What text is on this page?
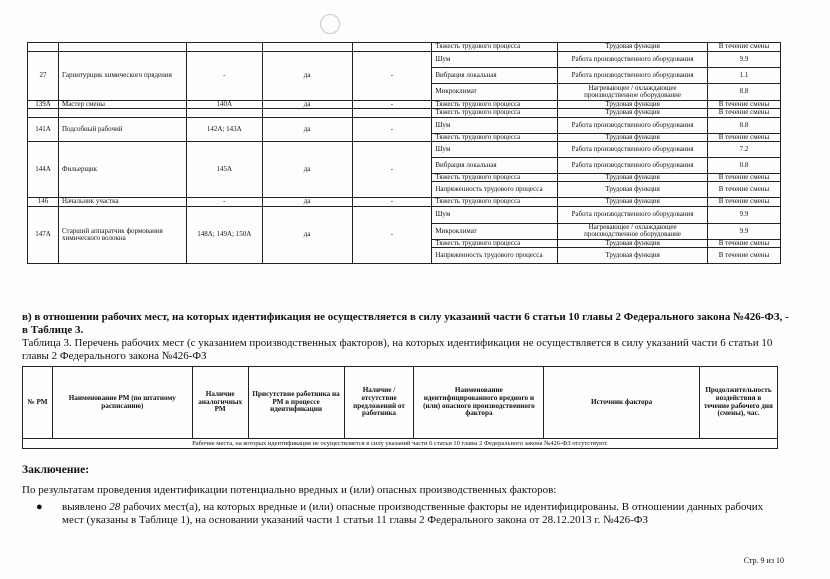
					Тяжесть трудового процесса	Трудовая функция	В течение смены
27	Гарнитурщик химического прядения	-	да	-	Шум	Работа производственного оборудования	9.9
					Вибрация локальная	Работа производственного оборудования	1.1
					Микроклимат	Нагревающее / охлаждающее производственное оборудование	8.8
139А	Мастер смены	140А	да	-	Тяжесть трудового процесса	Трудовая функция	В течение смены
					Тяжесть трудового процесса	Трудовая функция	В течение смены
141А	Подсобный рабочий	142А; 143А	да	-	Шум	Работа производственного оборудования	8.8
					Тяжесть трудового процесса	Трудовая функция	В течение смены
144А	Фильерщик	145А	да	-	Шум	Работа производственного оборудования	7.2
					Вибрация локальная	Работа производственного оборудования	0.8
					Тяжесть трудового процесса	Трудовая функция	В течение смены
					Напряженность трудового процесса	Трудовая функция	В течение смены
146	Начальник участка	-	да	-	Тяжесть трудового процесса	Трудовая функция	В течение смены
147А	Старший аппаратчик формования химического волокна	148А; 149А; 150А	да	-	Шум	Работа производственного оборудования	9.9
					Микроклимат	Нагревающее / охлаждающее производственное оборудование	9.9
					Тяжесть трудового процесса	Трудовая функция	В течение смены
					Напряженность трудового процесса	Трудовая функция	В течение смены
в) в отношении рабочих мест, на которых идентификация не осуществляется в силу указаний части 6 статьи 10 главы 2 Федерального закона №426-ФЗ, - в Таблице 3.
Таблица 3. Перечень рабочих мест (с указанием производственных факторов), на которых идентификация не осуществляется в силу указаний части 6 статьи 10 главы 2 Федерального закона №426-ФЗ
№ РМ	Наименование РМ (по штатному расписанию)	Наличие аналогичных РМ	Присутствие работника на РМ в процессе идентификации	Наличие / отсутствие предложений от работника	Наименование идентифицированного вредного и (или) опасного производственного фактора	Источник фактора	Продолжительность воздействия в течение рабочего дня (смены), час.
Рабочие места, на которых идентификация не осуществляется в силу указаний части 6 статьи 10 главы 2 Федерального закона №426-ФЗ отсутствуют.
Заключение:
По результатам проведения идентификации потенциально вредных и (или) опасных производственных факторов:
● выявлено 28 рабочих мест(а), на которых вредные и (или) опасные производственные факторы не идентифицированы. В отношении данных рабочих мест (указаны в Таблице 1), на основании указаний части 1 статьи 11 главы 2 Федерального закона от 28.12.2013 г. №426-ФЗ
Стр. 9 из 10
